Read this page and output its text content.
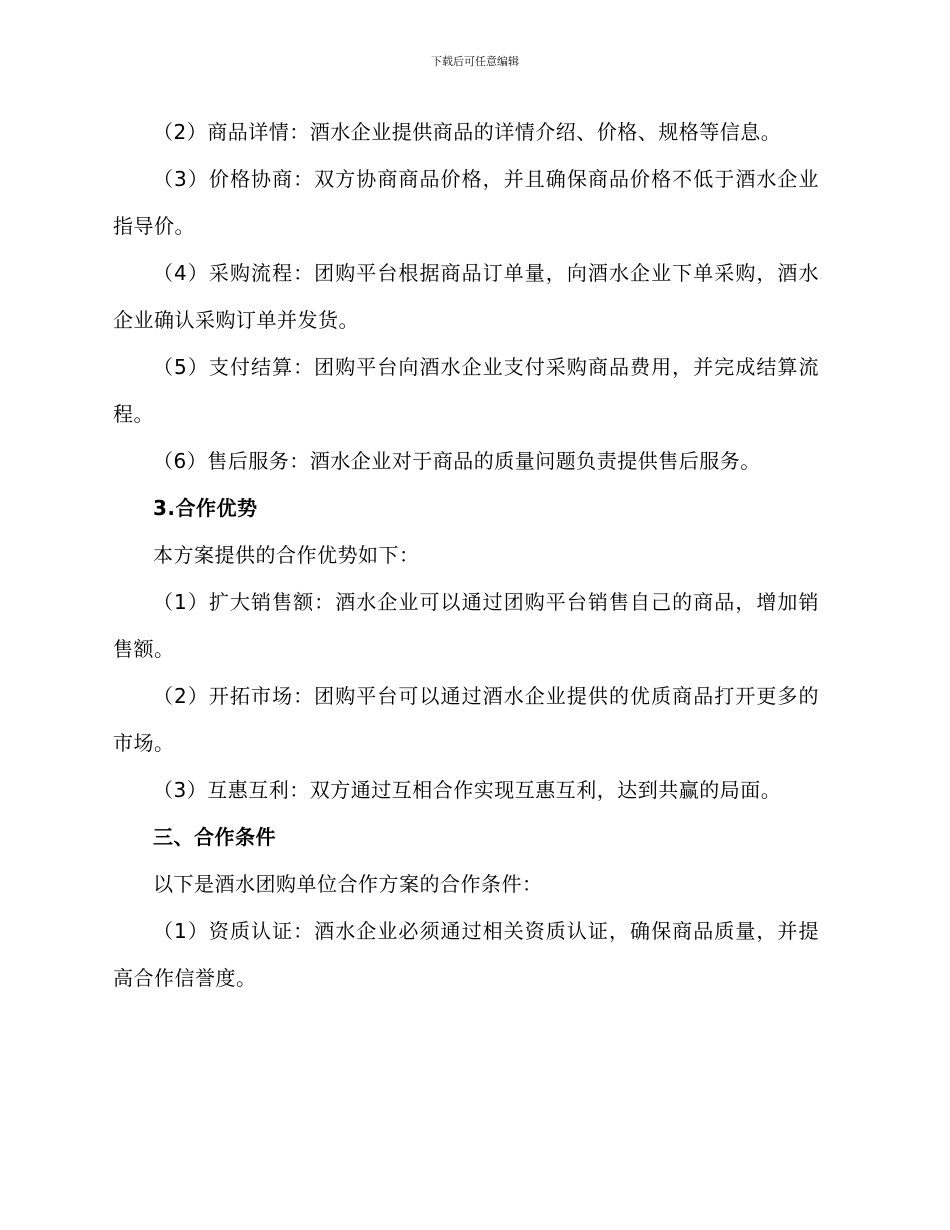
下载后可任意编辑

（2）商品详情：酒水企业提供商品的详情介绍、价格、规格等信息。

（3）价格协商：双方协商商品价格，并且确保商品价格不低于酒水企业指导价。

（4）采购流程：团购平台根据商品订单量，向酒水企业下单采购，酒水企业确认采购订单并发货。

（5）支付结算：团购平台向酒水企业支付采购商品费用，并完成结算流程。

（6）售后服务：酒水企业对于商品的质量问题负责提供售后服务。

3.合作优势

本方案提供的合作优势如下：

（1）扩大销售额：酒水企业可以通过团购平台销售自己的商品，增加销售额。

（2）开拓市场：团购平台可以通过酒水企业提供的优质商品打开更多的市场。

（3）互惠互利：双方通过互相合作实现互惠互利，达到共赢的局面。

三、合作条件

以下是酒水团购单位合作方案的合作条件：

（1）资质认证：酒水企业必须通过相关资质认证，确保商品质量，并提高合作信誉度。
